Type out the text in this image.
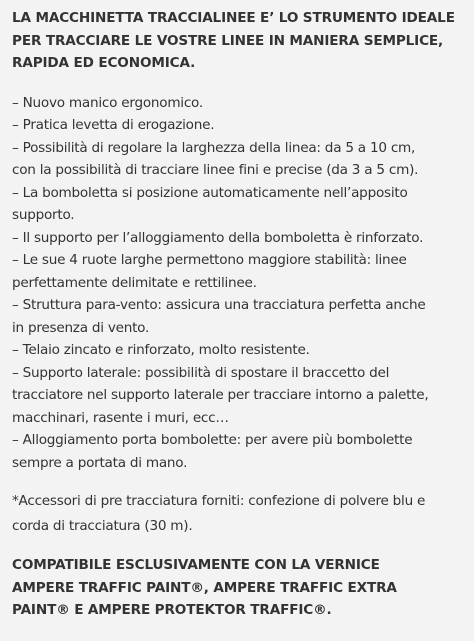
LA MACCHINETTA TRACCIALINEE E’ LO STRUMENTO IDEALE
PER TRACCIARE LE VOSTRE LINEE IN MANIERA SEMPLICE,
RAPIDA ED ECONOMICA.

– Nuovo manico ergonomico.
– Pratica levetta di erogazione.
– Possibilità di regolare la larghezza della linea: da 5 a 10 cm,
con la possibilità di tracciare linee fini e precise (da 3 a 5 cm).
– La bomboletta si posizione automaticamente nell’apposito
supporto.
– Il supporto per l’alloggiamento della bomboletta è rinforzato.
– Le sue 4 ruote larghe permettono maggiore stabilità: linee
perfettamente delimitate e rettilinee.
– Struttura para-vento: assicura una tracciatura perfetta anche
in presenza di vento.
– Telaio zincato e rinforzato, molto resistente.
– Supporto laterale: possibilità di spostare il braccetto del
tracciatore nel supporto laterale per tracciare intorno a palette,
macchinari, rasente i muri, ecc…
– Alloggiamento porta bombolette: per avere più bombolette
sempre a portata di mano.

*Accessori di pre tracciatura forniti: confezione di polvere blu e
corda di tracciatura (30 m).

COMPATIBILE ESCLUSIVAMENTE CON LA VERNICE
AMPERE TRAFFIC PAINT®, AMPERE TRAFFIC EXTRA
PAINT® E AMPERE PROTEKTOR TRAFFIC®.
